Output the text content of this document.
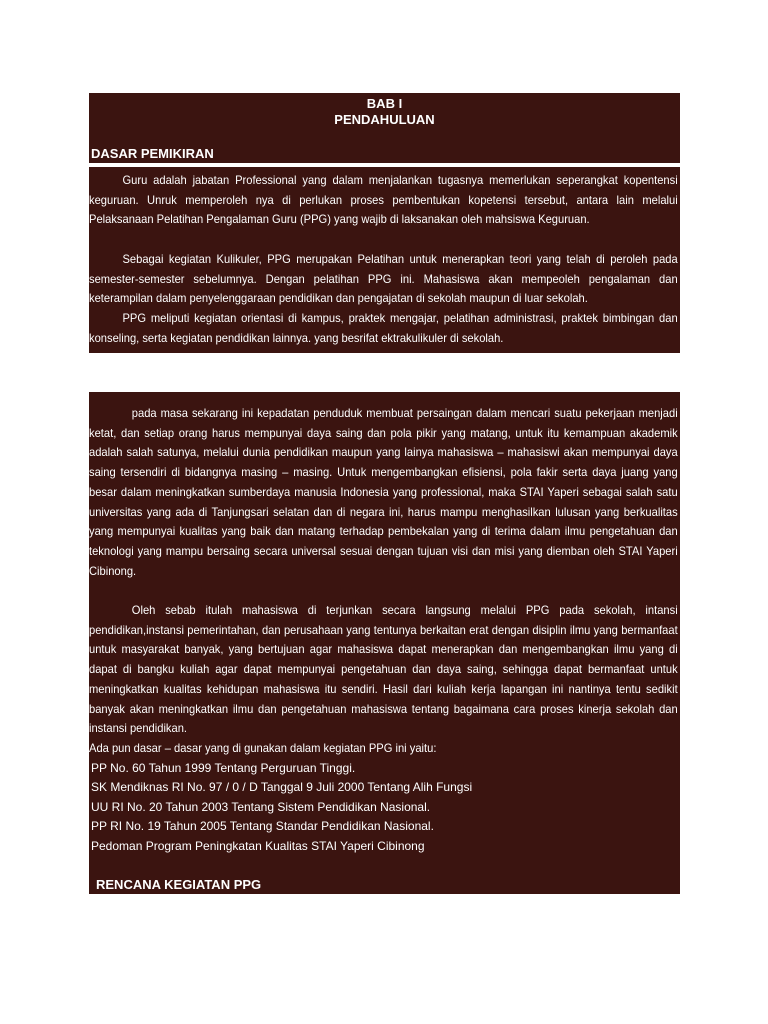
BAB I
PENDAHULUAN
A. DASAR PEMIKIRAN
Guru adalah jabatan Professional yang dalam menjalankan tugasnya memerlukan seperangkat kopentensi keguruan. Unruk memperoleh nya di perlukan proses pembentukan kopetensi tersebut, antara lain melalui Pelaksanaan Pelatihan Pengalaman Guru (PPG) yang wajib di laksanakan oleh mahsiswa Keguruan.
Sebagai kegiatan Kulikuler, PPG merupakan Pelatihan untuk menerapkan teori yang telah di peroleh pada semester-semester sebelumnya. Dengan pelatihan PPG ini. Mahasiswa akan mempeoleh pengalaman dan keterampilan dalam penyelenggaraan pendidikan dan pengajatan di sekolah maupun di luar sekolah.
PPG meliputi kegiatan orientasi di kampus, praktek mengajar, pelatihan administrasi, praktek bimbingan dan konseling, serta kegiatan pendidikan lainnya. yang besrifat ektrakulikuler di sekolah.
B. LATAR BELAKANG
pada masa sekarang ini kepadatan penduduk membuat persaingan dalam mencari suatu pekerjaan menjadi ketat, dan setiap orang harus mempunyai daya saing dan pola pikir yang matang, untuk itu kemampuan akademik adalah salah satunya, melalui dunia pendidikan maupun yang lainya mahasiswa – mahasiswi akan mempunyai daya saing tersendiri di bidangnya masing – masing. Untuk mengembangkan efisiensi, pola fakir serta daya juang yang besar dalam meningkatkan sumberdaya manusia Indonesia yang professional, maka STAI Yaperi sebagai salah satu universitas yang ada di Tanjungsari selatan dan di negara ini, harus mampu menghasilkan lulusan yang berkualitas yang mempunyai kualitas yang baik dan matang terhadap pembekalan yang di terima dalam ilmu pengetahuan dan teknologi yang mampu bersaing secara universal sesuai dengan tujuan visi dan misi yang diemban oleh STAI Yaperi Cibinong.
Oleh sebab itulah mahasiswa di terjunkan secara langsung melalui PPG pada sekolah, intansi pendidikan,instansi pemerintahan, dan perusahaan yang tentunya berkaitan erat dengan disiplin ilmu yang bermanfaat untuk masyarakat banyak, yang bertujuan agar mahasiswa dapat menerapkan dan mengembangkan ilmu yang di dapat di bangku kuliah agar dapat mempunyai pengetahuan dan daya saing, sehingga dapat bermanfaat untuk meningkatkan kualitas kehidupan mahasiswa itu sendiri. Hasil dari kuliah kerja lapangan ini nantinya tentu sedikit banyak akan meningkatkan ilmu dan pengetahuan mahasiswa tentang bagaimana cara proses kinerja sekolah dan instansi pendidikan.
Ada pun dasar – dasar yang di gunakan dalam kegiatan PPG ini yaitu:
a. PP No. 60 Tahun 1999 Tentang Perguruan Tinggi.
b. SK Mendiknas RI No. 97 / 0 / D Tanggal 9 Juli 2000 Tentang Alih Fungsi
c. UU RI No. 20 Tahun 2003 Tentang Sistem Pendidikan Nasional.
d. PP RI No. 19 Tahun 2005 Tentang Standar Pendidikan Nasional.
e. Pedoman Program Peningkatan Kualitas STAI Yaperi Cibinong
C. RENCANA KEGIATAN PPG
